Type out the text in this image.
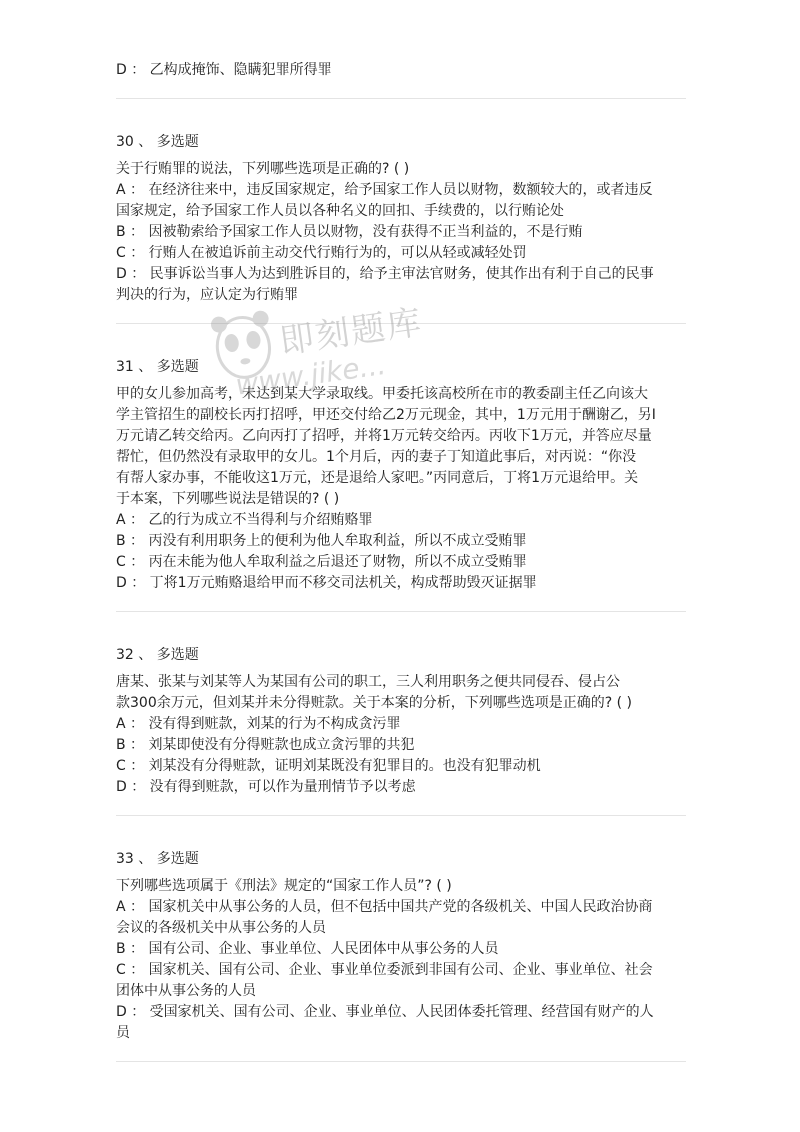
D ： 乙构成掩饰、隐瞒犯罪所得罪

30 、 多选题

关于行贿罪的说法，下列哪些选项是正确的? ( )

A ： 在经济往来中，违反国家规定，给予国家工作人员以财物，数额较大的，或者违反

国家规定，给予国家工作人员以各种名义的回扣、手续费的，以行贿论处

B ： 因被勒索给予国家工作人员以财物，没有获得不正当利益的，不是行贿

C ： 行贿人在被追诉前主动交代行贿行为的，可以从轻或减轻处罚

D ： 民事诉讼当事人为达到胜诉目的，给予主审法官财务，使其作出有利于自己的民事

判决的行为，应认定为行贿罪

31 、 多选题

甲的女儿参加高考，未达到某大学录取线。甲委托该高校所在市的教委副主任乙向该大

学主管招生的副校长丙打招呼，甲还交付给乙2万元现金，其中，1万元用于酬谢乙，另I

万元请乙转交给丙。乙向丙打了招呼，并将1万元转交给丙。丙收下1万元，并答应尽量

帮忙，但仍然没有录取甲的女儿。1个月后，丙的妻子丁知道此事后，对丙说：“你没

有帮人家办事，不能收这1万元，还是退给人家吧。”丙同意后，丁将1万元退给甲。关

于本案，下列哪些说法是错误的? ( )

A ： 乙的行为成立不当得利与介绍贿赂罪

B ： 丙没有利用职务上的便利为他人牟取利益，所以不成立受贿罪

C ： 丙在未能为他人牟取利益之后退还了财物，所以不成立受贿罪

D ： 丁将1万元贿赂退给甲而不移交司法机关，构成帮助毁灭证据罪

32 、 多选题

唐某、张某与刘某等人为某国有公司的职工，三人利用职务之便共同侵吞、侵占公

款300余万元，但刘某并未分得赃款。关于本案的分析，下列哪些选项是正确的? ( )

A ： 没有得到赃款，刘某的行为不构成贪污罪

B ： 刘某即使没有分得赃款也成立贪污罪的共犯

C ： 刘某没有分得赃款，证明刘某既没有犯罪目的。也没有犯罪动机

D ： 没有得到赃款，可以作为量刑情节予以考虑

33 、 多选题

下列哪些选项属于《刑法》规定的“国家工作人员”? ( )

A ： 国家机关中从事公务的人员，但不包括中国共产党的各级机关、中国人民政治协商

会议的各级机关中从事公务的人员

B ： 国有公司、企业、事业单位、人民团体中从事公务的人员

C ： 国家机关、国有公司、企业、事业单位委派到非国有公司、企业、事业单位、社会

团体中从事公务的人员

D ： 受国家机关、国有公司、企业、事业单位、人民团体委托管理、经营国有财产的人

员

即刻题库
www.jike...
